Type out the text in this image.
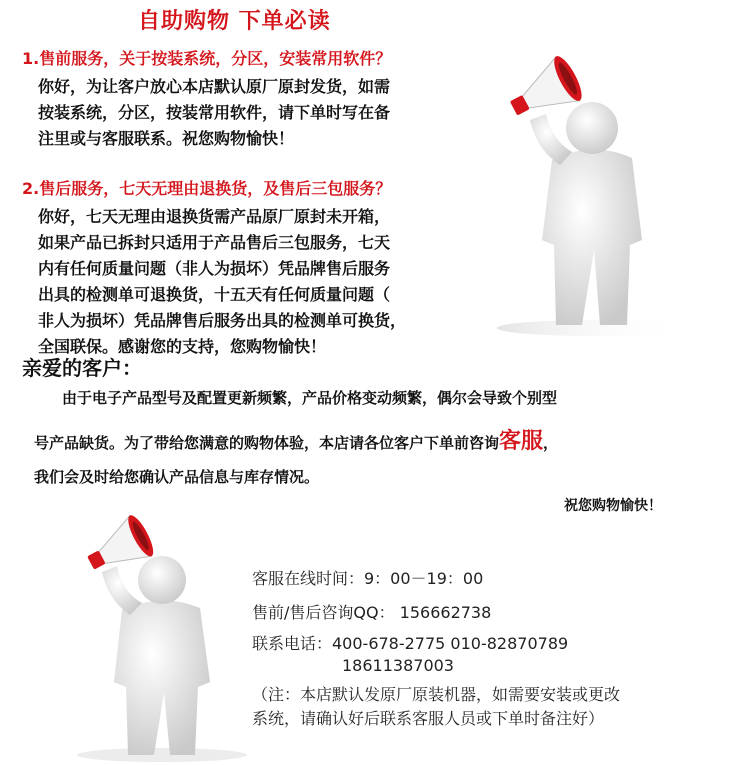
自助购物 下单必读
1.售前服务，关于按装系统，分区，安装常用软件？
你好，为让客户放心本店默认原厂原封发货，如需
按装系统，分区，按装常用软件，请下单时写在备
注里或与客服联系。祝您购物愉快！
2.售后服务，七天无理由退换货，及售后三包服务？
你好，七天无理由退换货需产品原厂原封未开箱，
如果产品已拆封只适用于产品售后三包服务，七天
内有任何质量问题（非人为损坏）凭品牌售后服务
出具的检测单可退换货，十五天有任何质量问题（
非人为损坏）凭品牌售后服务出具的检测单可换货，
全国联保。感谢您的支持，您购物愉快！
亲爱的客户：
由于电子产品型号及配置更新频繁，产品价格变动频繁，偶尔会导致个别型
号产品缺货。为了带给您满意的购物体验，本店请各位客户下单前咨询客服，
我们会及时给您确认产品信息与库存情况。
祝您购物愉快！
客服在线时间：9：00－19：00
售前/售后咨询QQ： 156662738
联系电话：400-678-2775 010-82870789
18611387003
（注：本店默认发原厂原装机器，如需要安装或更改
系统，请确认好后联系客服人员或下单时备注好）
